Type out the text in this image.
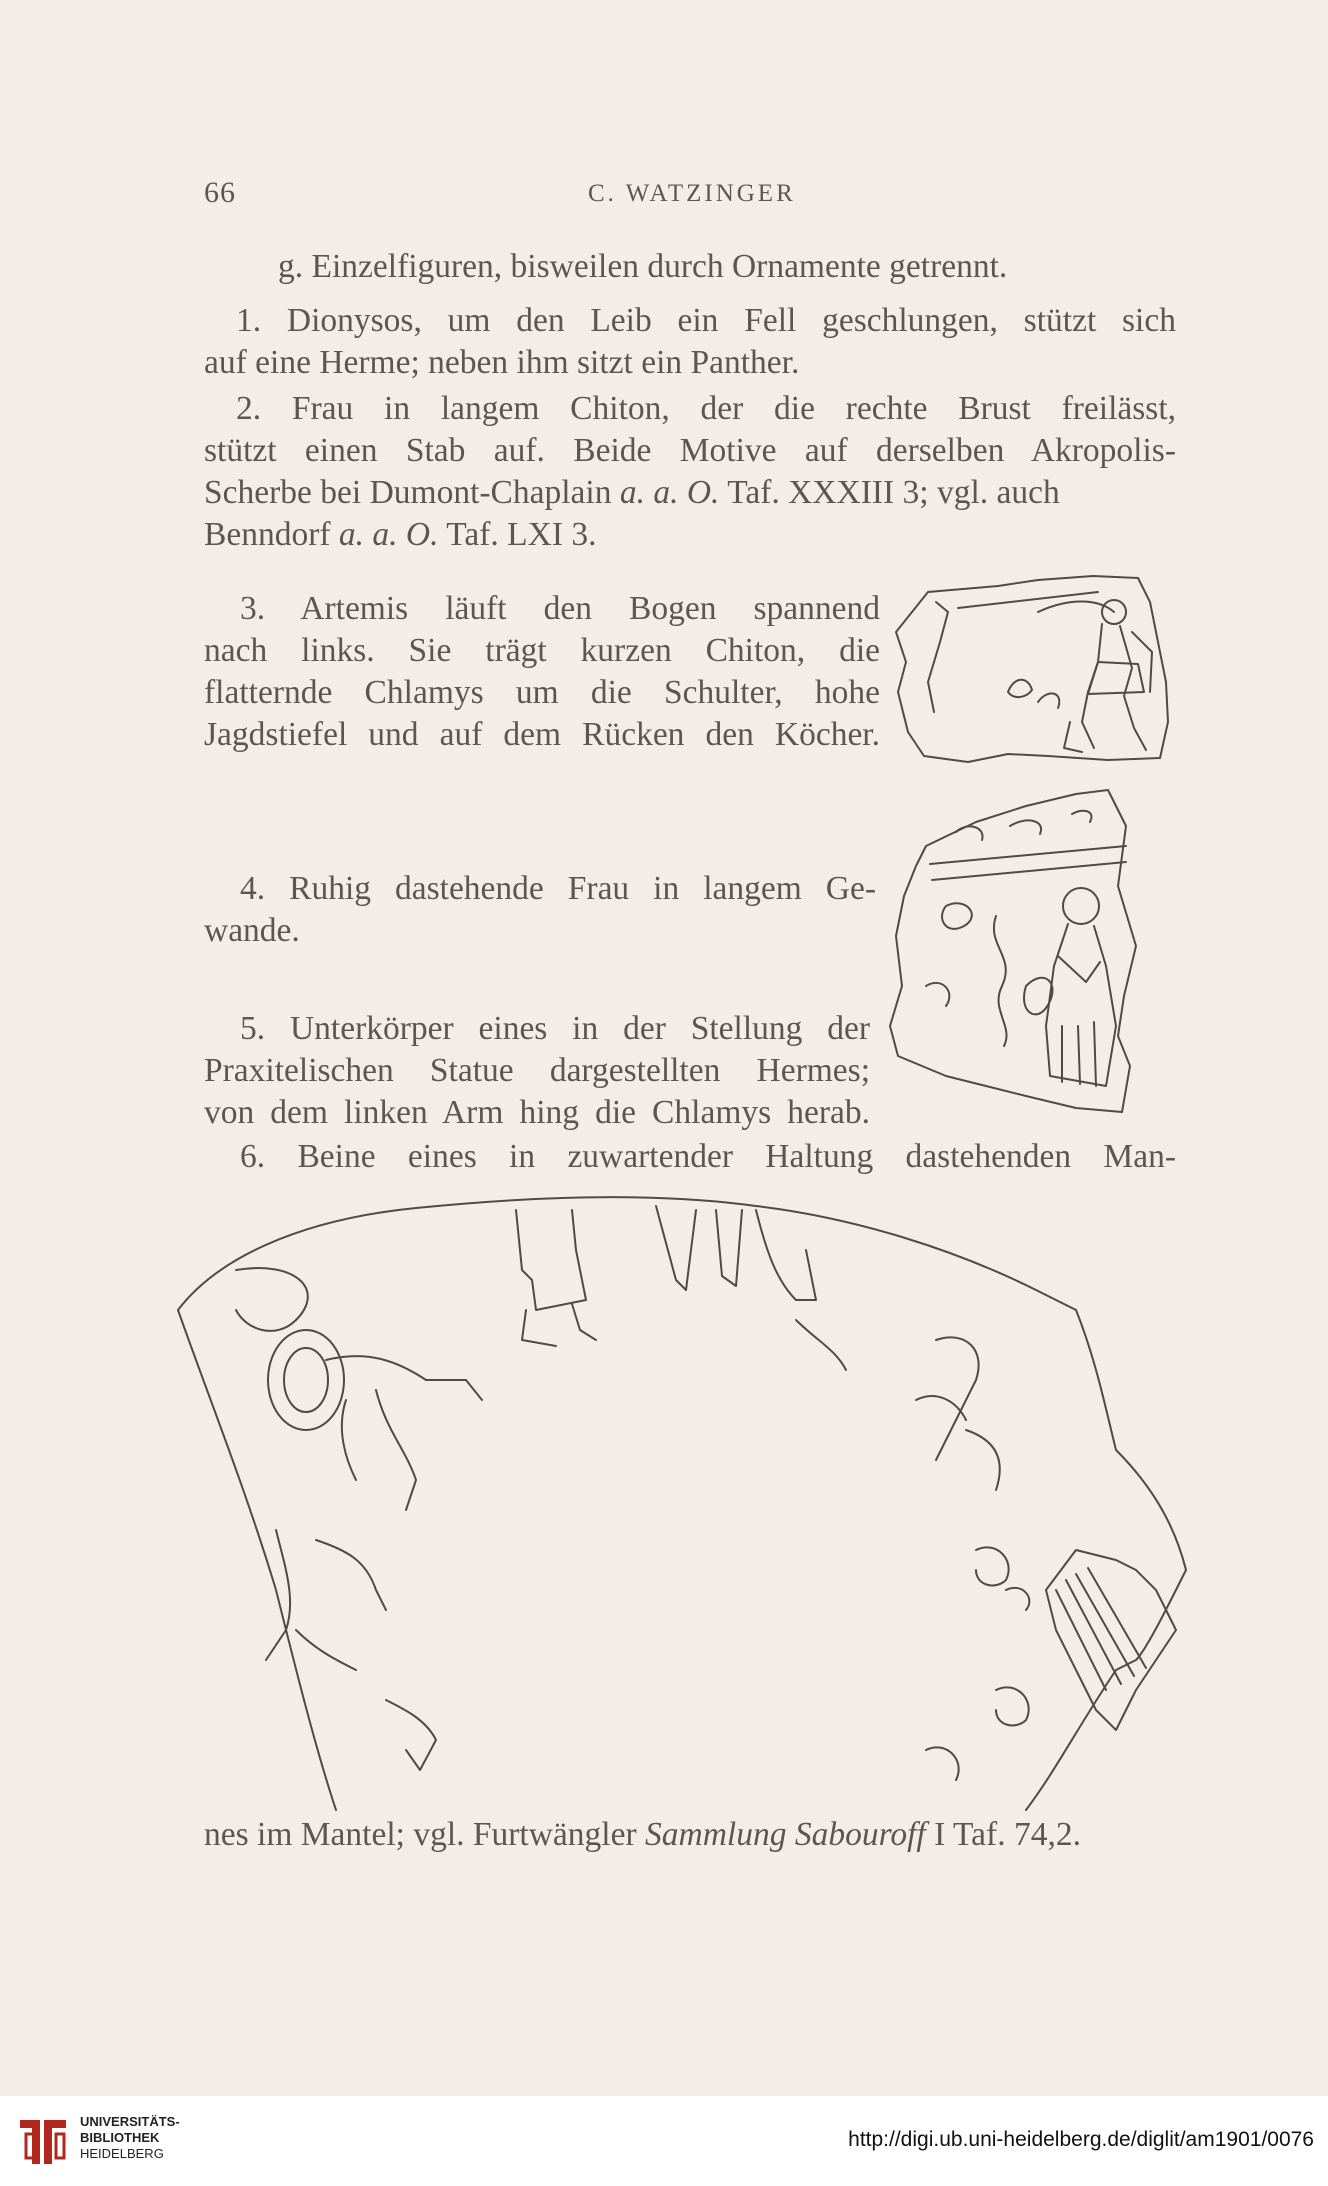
66	C. WATZINGER
g. Einzelfiguren, bisweilen durch Ornamente getrennt.
1. Dionysos, um den Leib ein Fell geschlungen, stützt sich
auf eine Herme; neben ihm sitzt ein Panther.
2. Frau in langem Chiton, der die rechte Brust freilässt,
stützt einen Stab auf. Beide Motive auf derselben Akropolis-
Scherbe bei Dumont-Chaplain a. a. O. Taf. XXXIII 3; vgl. auch
Benndorf a. a. O. Taf. LXI 3.
3. Artemis läuft den Bogen spannend
nach links. Sie trägt kurzen Chiton, die
flatternde Chlamys um die Schulter, hohe
Jagdstiefel und auf dem Rücken den Köcher.
4. Ruhig dastehende Frau in langem Ge-
wande.
5. Unterkörper eines in der Stellung der
Praxitelischen Statue dargestellten Hermes;
von dem linken Arm hing die Chlamys herab.
6. Beine eines in zuwartender Haltung dastehenden Man-
nes im Mantel; vgl. Furtwängler Sammlung Sabouroff I Taf. 74,2.
UNIVERSITÄTS-
BIBLIOTHEK
HEIDELBERG
http://digi.ub.uni-heidelberg.de/diglit/am1901/0076
